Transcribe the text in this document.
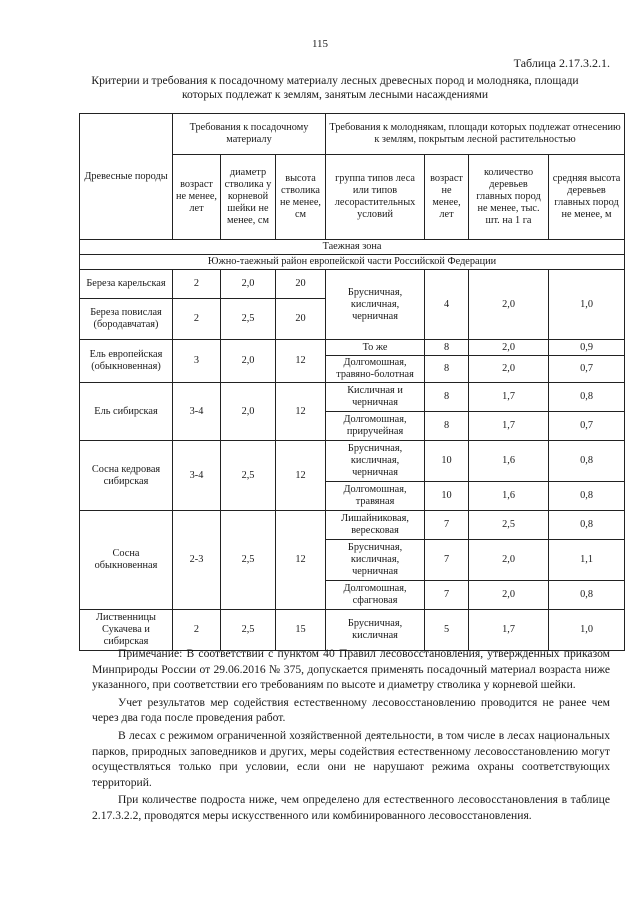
115
Таблица 2.17.3.2.1.
Критерии и требования к посадочному материалу лесных древесных пород и молодняка, площади которых подлежат к землям, занятым лесными насаждениями
Древесные породы	Требования к посадочному материалу			Требования к молоднякам, площади которых подлежат отнесению к землям, покрытым лесной растительностью			
	возраст не менее, лет	диаметр стволика у корневой шейки не менее, см	высота стволика не менее, см	группа типов леса или типов лесорастительных условий	возраст не менее, лет	количество деревьев главных пород не менее, тыс. шт. на 1 га	средняя высота деревьев главных пород не менее, м
Таежная зона							
Южно-таежный район европейской части Российской Федерации							
Береза карельская	2	2,0	20	Брусничная, кисличная, черничная	4	2,0	1,0
Береза повислая (бородавчатая)	2	2,5	20				
Ель европейская (обыкновенная)	3	2,0	12	То же	8	2,0	0,9
				Долгомошная, травяно-болотная	8	2,0	0,7
Ель сибирская	3-4	2,0	12	Кисличная и черничная	8	1,7	0,8
				Долгомошная, приручейная	8	1,7	0,7
Сосна кедровая сибирская	3-4	2,5	12	Брусничная, кисличная, черничная	10	1,6	0,8
				Долгомошная, травяная	10	1,6	0,8
Сосна обыкновенная	2-3	2,5	12	Лишайниковая, вересковая	7	2,5	0,8
				Брусничная, кисличная, черничная	7	2,0	1,1
				Долгомошная, сфагновая	7	2,0	0,8
Лиственницы Сукачева и сибирская	2	2,5	15	Брусничная, кисличная	5	1,7	1,0

Примечание: В соответствии с пунктом 40 Правил лесовосстановления, утвержденных приказом Минприроды России от 29.06.2016 № 375, допускается применять посадочный материал возраста ниже указанного, при соответствии его требованиям по высоте и диаметру стволика у корневой шейки.

Учет результатов мер содействия естественному лесовосстановлению проводится не ранее чем через два года после проведения работ.

В лесах с режимом ограниченной хозяйственной деятельности, в том числе в лесах национальных парков, природных заповедников и других, меры содействия естественному лесовосстановлению могут осуществляться только при условии, если они не нарушают режима охраны соответствующих территорий.

При количестве подроста ниже, чем определено для естественного лесовосстановления в таблице 2.17.3.2.2, проводятся меры искусственного или комбинированного лесовосстановления.
